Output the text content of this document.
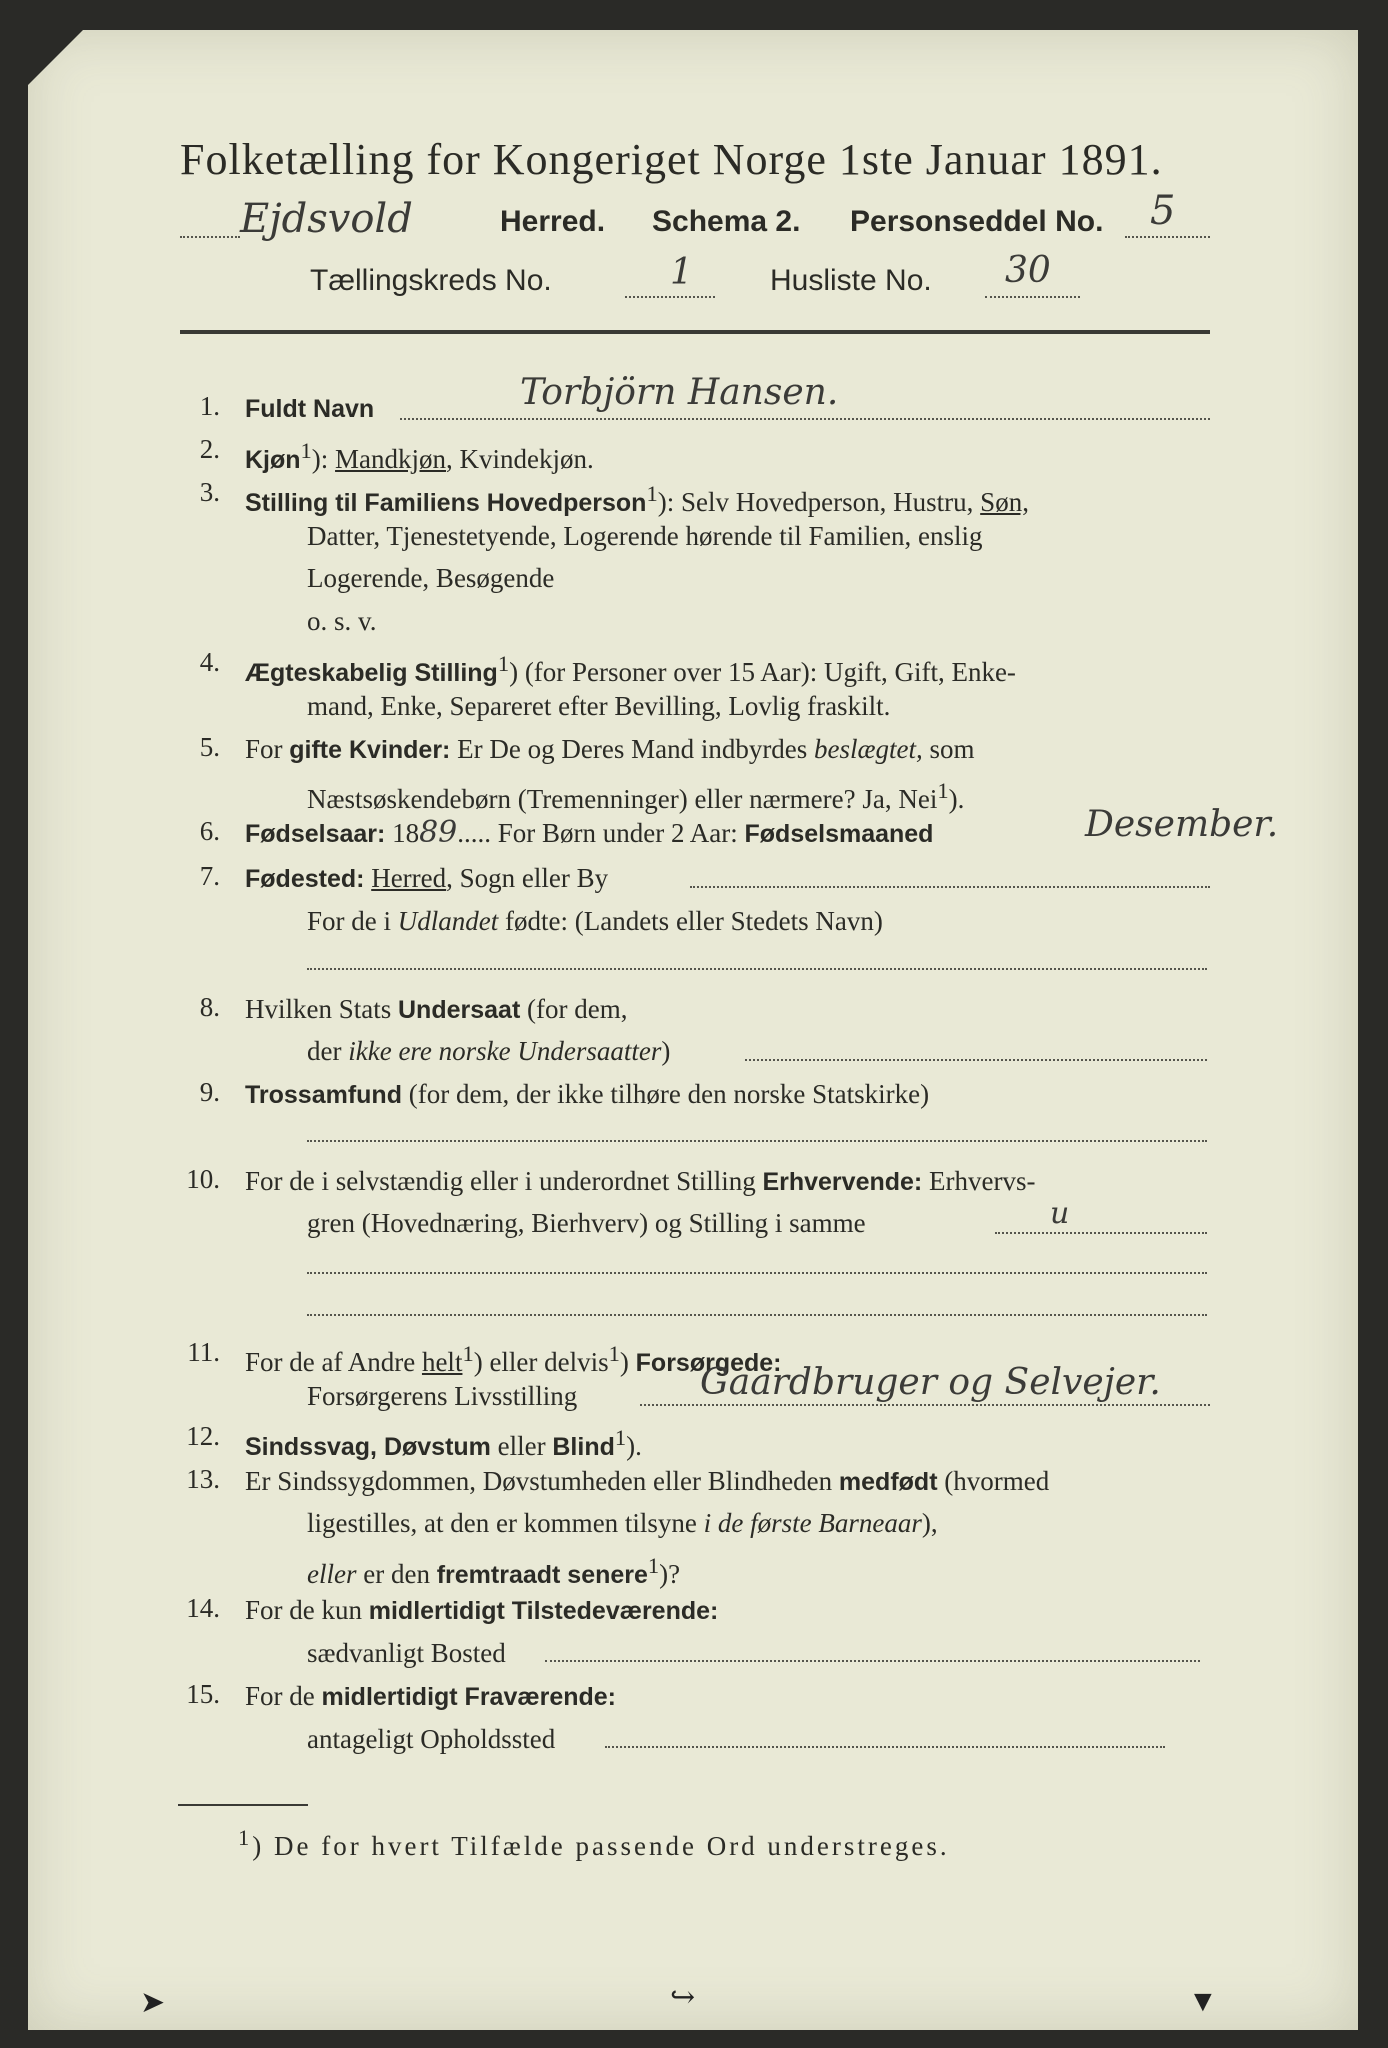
Folketælling for Kongeriget Norge 1ste Januar 1891.
Ejdsvold	Herred. Schema 2. Personseddel No. 5
Tællingskreds No.	1	Husliste No. 30
1. Fuldt Navn	Torbjörn Hansen.
2. Kjøn$^1$): Mandkjøn, Kvindekjøn.
3. Stilling til Familiens Hovedperson$^1$): Selv Hovedperson, Hustru, Søn,
Datter, Tjenestetyende, Logerende hørende til Familien, enslig
Logerende, Besøgende
o. s. v.
4. Ægteskabelig Stilling$^1$) (for Personer over 15 Aar): Ugift, Gift, Enke-
mand, Enke, Separeret efter Bevilling, Lovlig fraskilt.
5. For gifte Kvinder: Er De og Deres Mand indbyrdes beslægtet, som
Næstsøskendebørn (Tremenninger) eller nærmere? Ja, Nei$^1$).
6. Fødselsaar: 1889..... For Børn under 2 Aar: Fødselsmaaned	Desember.
7. Fødested: Herred, Sogn eller By
For de i Udlandet fødte: (Landets eller Stedets Navn)
8. Hvilken Stats Undersaat (for dem,
der ikke ere norske Undersaatter)
9. Trossamfund (for dem, der ikke tilhøre den norske Statskirke)
10. For de i selvstændig eller i underordnet Stilling Erhvervende: Erhvervs-
gren (Hovednæring, Bierhverv) og Stilling i samme	u
11. For de af Andre helt$^1$) eller delvis$^1$) Forsørgede:
Forsørgerens Livsstilling	Gaardbruger og Selvejer.
12. Sindssvag, Døvstum eller Blind$^1$).
13. Er Sindssygdommen, Døvstumheden eller Blindheden medfødt (hvormed
ligestilles, at den er kommen tilsyne i de første Barneaar),
eller er den fremtraadt senere$^1$)?
14. For de kun midlertidigt Tilstedeværende:
sædvanligt Bosted
15. For de midlertidigt Fraværende:
antageligt Opholdssted
$^1$) De for hvert Tilfælde passende Ord understreges.
➤	↪	▼
